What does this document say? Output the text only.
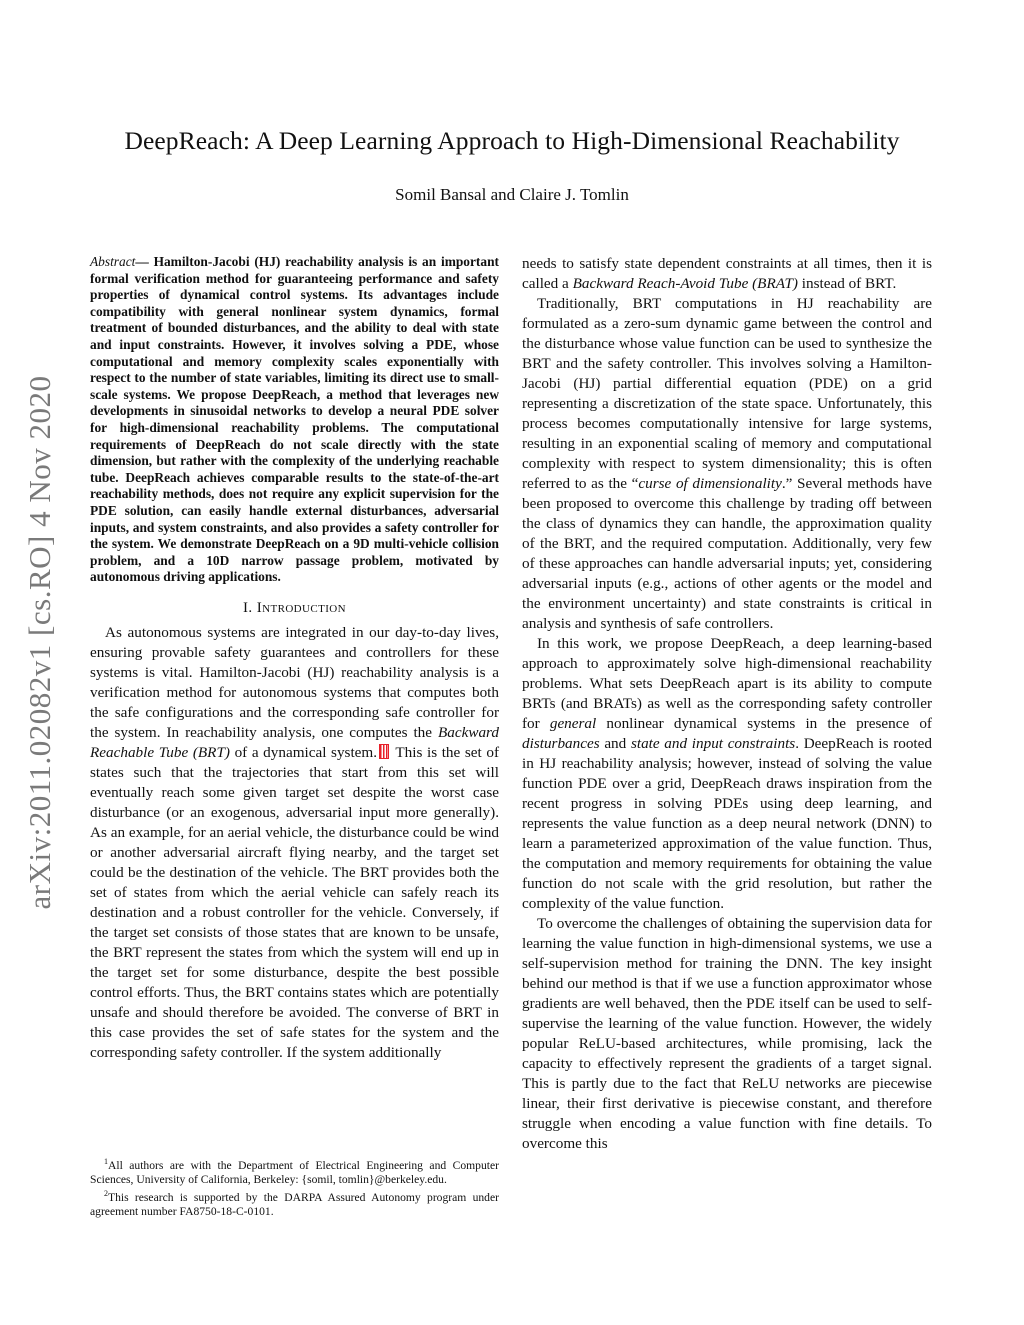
arXiv:2011.02082v1 [cs.RO] 4 Nov 2020
DeepReach: A Deep Learning Approach to High-Dimensional Reachability
Somil Bansal and Claire J. Tomlin

Abstract— Hamilton-Jacobi (HJ) reachability analysis is an important formal verification method for guaranteeing performance and safety properties of dynamical control systems. Its advantages include compatibility with general nonlinear system dynamics, formal treatment of bounded disturbances, and the ability to deal with state and input constraints. However, it involves solving a PDE, whose computational and memory complexity scales exponentially with respect to the number of state variables, limiting its direct use to small-scale systems. We propose DeepReach, a method that leverages new developments in sinusoidal networks to develop a neural PDE solver for high-dimensional reachability problems. The computational requirements of DeepReach do not scale directly with the state dimension, but rather with the complexity of the underlying reachable tube. DeepReach achieves comparable results to the state-of-the-art reachability methods, does not require any explicit supervision for the PDE solution, can easily handle external disturbances, adversarial inputs, and system constraints, and also provides a safety controller for the system. We demonstrate DeepReach on a 9D multi-vehicle collision problem, and a 10D narrow passage problem, motivated by autonomous driving applications.

I. Introduction

As autonomous systems are integrated in our day-to-day lives, ensuring provable safety guarantees and controllers for these systems is vital. Hamilton-Jacobi (HJ) reachability analysis is a verification method for autonomous systems that computes both the safe configurations and the corresponding safe controller for the system. In reachability analysis, one computes the Backward Reachable Tube (BRT) of a dynamical system. This is the set of states such that the trajectories that start from this set will eventually reach some given target set despite the worst case disturbance (or an exogenous, adversarial input more generally). As an example, for an aerial vehicle, the disturbance could be wind or another adversarial aircraft flying nearby, and the target set could be the destination of the vehicle. The BRT provides both the set of states from which the aerial vehicle can safely reach its destination and a robust controller for the vehicle. Conversely, if the target set consists of those states that are known to be unsafe, the BRT represent the states from which the system will end up in the target set for some disturbance, despite the best possible control efforts. Thus, the BRT contains states which are potentially unsafe and should therefore be avoided. The converse of BRT in this case provides the set of safe states for the system and the corresponding safety controller. If the system additionally

$^1$All authors are with the Department of Electrical Engineering and Computer Sciences, University of California, Berkeley: {somil, tomlin}@berkeley.edu.

$^2$This research is supported by the DARPA Assured Autonomy program under agreement number FA8750-18-C-0101.

needs to satisfy state dependent constraints at all times, then it is called a Backward Reach-Avoid Tube (BRAT) instead of BRT.

Traditionally, BRT computations in HJ reachability are formulated as a zero-sum dynamic game between the control and the disturbance whose value function can be used to synthesize the BRT and the safety controller. This involves solving a Hamilton-Jacobi (HJ) partial differential equation (PDE) on a grid representing a discretization of the state space. Unfortunately, this process becomes computationally intensive for large systems, resulting in an exponential scaling of memory and computational complexity with respect to system dimensionality; this is often referred to as the “curse of dimensionality.” Several methods have been proposed to overcome this challenge by trading off between the class of dynamics they can handle, the approximation quality of the BRT, and the required computation. Additionally, very few of these approaches can handle adversarial inputs; yet, considering adversarial inputs (e.g., actions of other agents or the model and the environment uncertainty) and state constraints is critical in analysis and synthesis of safe controllers.

In this work, we propose DeepReach, a deep learning-based approach to approximately solve high-dimensional reachability problems. What sets DeepReach apart is its ability to compute BRTs (and BRATs) as well as the corresponding safety controller for general nonlinear dynamical systems in the presence of disturbances and state and input constraints. DeepReach is rooted in HJ reachability analysis; however, instead of solving the value function PDE over a grid, DeepReach draws inspiration from the recent progress in solving PDEs using deep learning, and represents the value function as a deep neural network (DNN) to learn a parameterized approximation of the value function. Thus, the computation and memory requirements for obtaining the value function do not scale with the grid resolution, but rather the complexity of the value function.

To overcome the challenges of obtaining the supervision data for learning the value function in high-dimensional systems, we use a self-supervision method for training the DNN. The key insight behind our method is that if we use a function approximator whose gradients are well behaved, then the PDE itself can be used to self-supervise the learning of the value function. However, the widely popular ReLU-based architectures, while promising, lack the capacity to effectively represent the gradients of a target signal. This is partly due to the fact that ReLU networks are piecewise linear, their first derivative is piecewise constant, and therefore struggle when encoding a value function with fine details. To overcome this
